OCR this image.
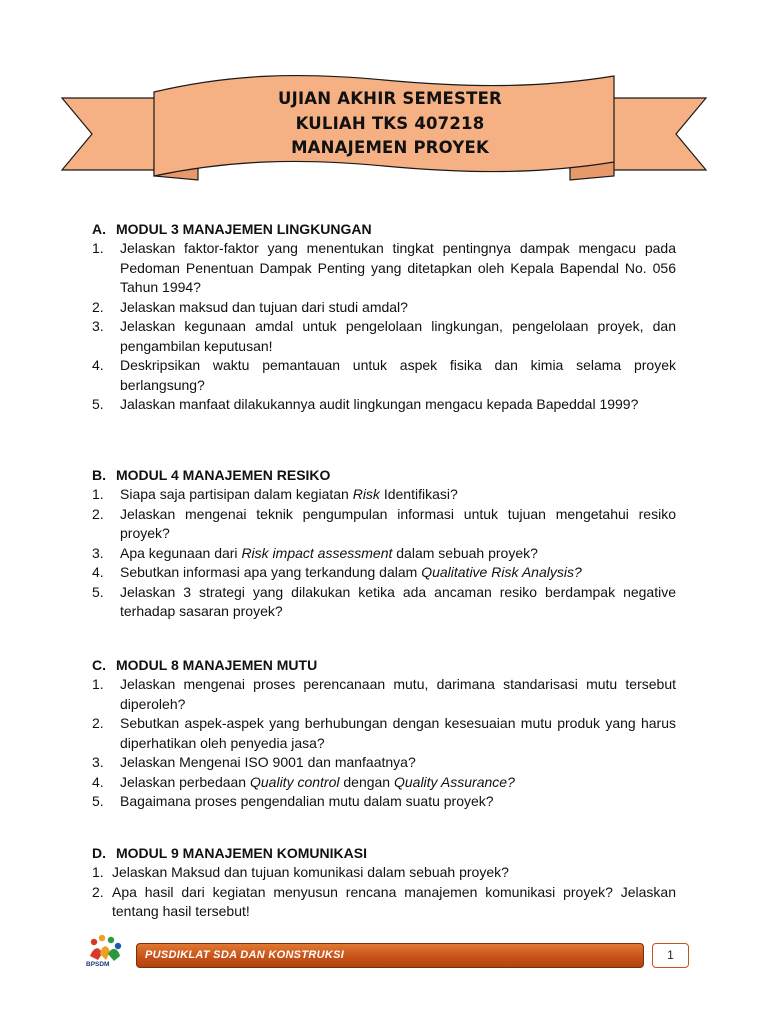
UJIAN AKHIR SEMESTER
KULIAH TKS 407218
MANAJEMEN PROYEK
A. MODUL 3 MANAJEMEN LINGKUNGAN
1.	Jelaskan faktor-faktor yang menentukan tingkat pentingnya dampak mengacu pada Pedoman Penentuan Dampak Penting yang ditetapkan oleh Kepala Bapendal No. 056 Tahun 1994?
2.	Jelaskan maksud dan tujuan dari studi amdal?
3.	Jelaskan kegunaan amdal untuk pengelolaan lingkungan, pengelolaan proyek, dan pengambilan keputusan!
4.	Deskripsikan waktu pemantauan untuk aspek fisika dan kimia selama proyek berlangsung?
5.	Jalaskan manfaat dilakukannya audit lingkungan mengacu kepada Bapeddal 1999?
B. MODUL 4 MANAJEMEN RESIKO
1.	Siapa saja partisipan dalam kegiatan Risk Identifikasi?
2.	Jelaskan mengenai teknik pengumpulan informasi untuk tujuan mengetahui resiko proyek?
3.	Apa kegunaan dari Risk impact assessment dalam sebuah proyek?
4.	Sebutkan informasi apa yang terkandung dalam Qualitative Risk Analysis?
5.	Jelaskan 3 strategi yang dilakukan ketika ada ancaman resiko berdampak negative terhadap sasaran proyek?
C. MODUL 8 MANAJEMEN MUTU
1.	Jelaskan mengenai proses perencanaan mutu, darimana standarisasi mutu tersebut diperoleh?
2.	Sebutkan aspek-aspek yang berhubungan dengan kesesuaian mutu produk yang harus diperhatikan oleh penyedia jasa?
3.	Jelaskan Mengenai ISO 9001 dan manfaatnya?
4.	Jelaskan perbedaan Quality control dengan Quality Assurance?
5.	Bagaimana proses pengendalian mutu dalam suatu proyek?
D. MODUL 9 MANAJEMEN KOMUNIKASI
1. Jelaskan Maksud dan tujuan komunikasi dalam sebuah proyek?
2. Apa hasil dari kegiatan menyusun rencana manajemen komunikasi proyek? Jelaskan tentang hasil tersebut!
BPSDM
PUSDIKLAT SDA DAN KONSTRUKSI	1
